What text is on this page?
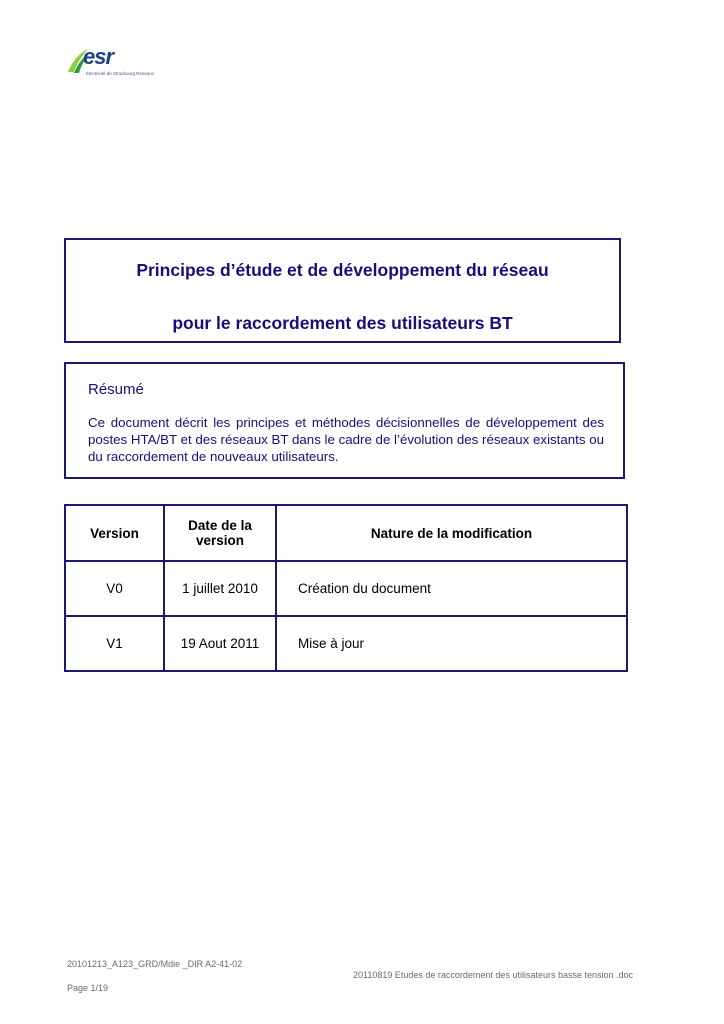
esr
Électricité de Strasbourg Réseaux
Principes d’étude et de développement du réseau
pour le raccordement des utilisateurs BT
Résumé
Ce document décrit les principes et méthodes décisionnelles de développement des postes HTA/BT et des réseaux BT dans le cadre de l’évolution des réseaux existants ou du raccordement de nouveaux utilisateurs.
Version	Date de la version	Nature de la modification
V0	1 juillet 2010	Création du document
V1	19 Aout 2011	Mise à jour
20101213_A123_GRD/Mdie _DIR A2-41-02
20110819 Etudes de raccordement des utilisateurs basse tension .doc
Page 1/19
